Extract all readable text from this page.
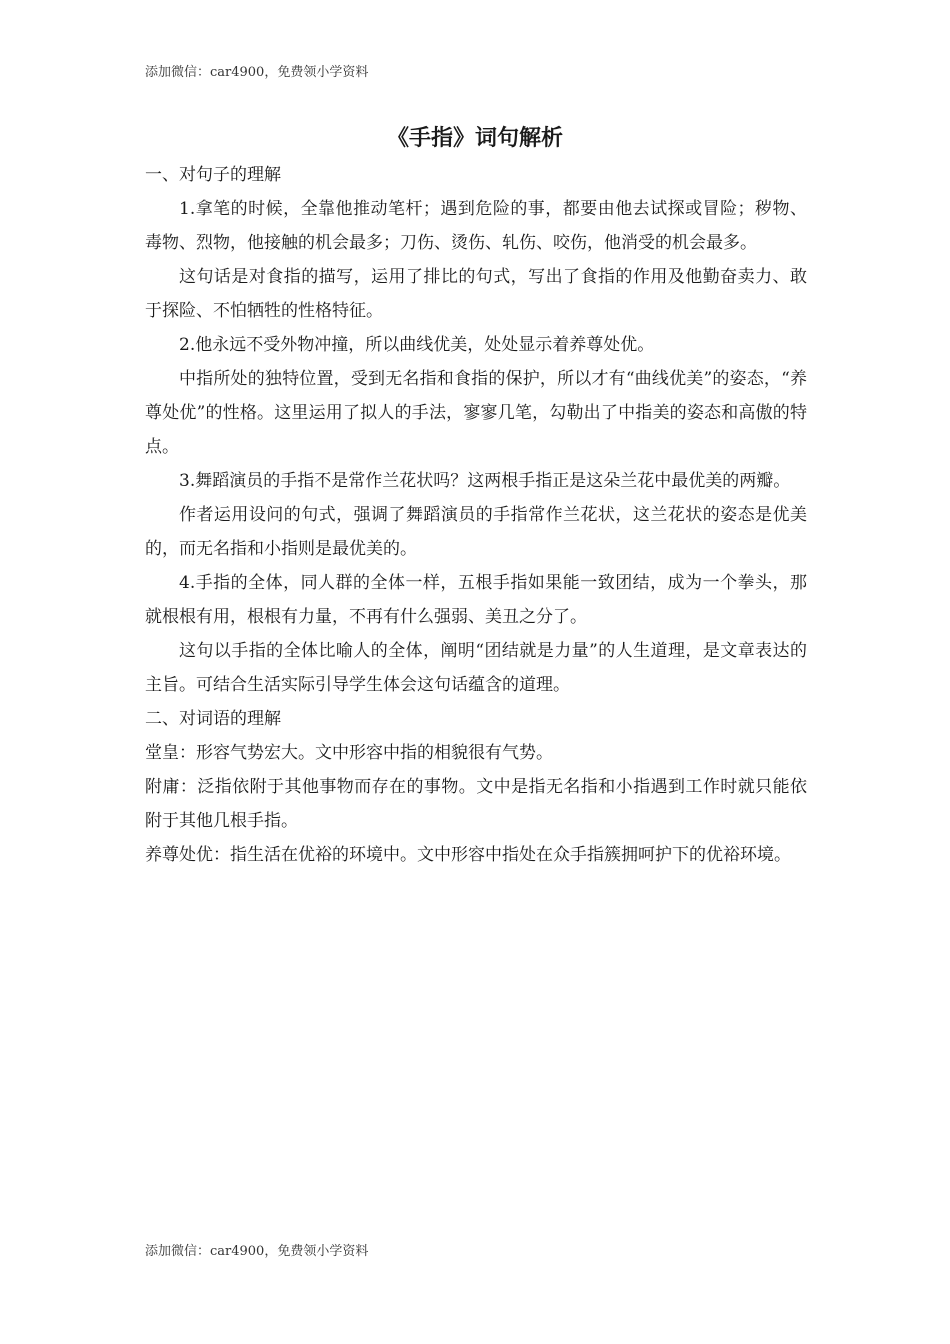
添加微信：car4900，免费领小学资料
《手指》词句解析

一、对句子的理解

1.拿笔的时候，全靠他推动笔杆；遇到危险的事，都要由他去试探或冒险；秽物、毒物、烈物，他接触的机会最多；刀伤、烫伤、轧伤、咬伤，他消受的机会最多。

这句话是对食指的描写，运用了排比的句式，写出了食指的作用及他勤奋卖力、敢于探险、不怕牺牲的性格特征。

2.他永远不受外物冲撞，所以曲线优美，处处显示着养尊处优。

中指所处的独特位置，受到无名指和食指的保护，所以才有“曲线优美”的姿态，“养尊处优”的性格。这里运用了拟人的手法，寥寥几笔，勾勒出了中指美的姿态和高傲的特点。

3.舞蹈演员的手指不是常作兰花状吗？这两根手指正是这朵兰花中最优美的两瓣。

作者运用设问的句式，强调了舞蹈演员的手指常作兰花状，这兰花状的姿态是优美的，而无名指和小指则是最优美的。

4.手指的全体，同人群的全体一样，五根手指如果能一致团结，成为一个拳头，那就根根有用，根根有力量，不再有什么强弱、美丑之分了。

这句以手指的全体比喻人的全体，阐明“团结就是力量”的人生道理，是文章表达的主旨。可结合生活实际引导学生体会这句话蕴含的道理。

二、对词语的理解

堂皇：形容气势宏大。文中形容中指的相貌很有气势。

附庸：泛指依附于其他事物而存在的事物。文中是指无名指和小指遇到工作时就只能依附于其他几根手指。

养尊处优：指生活在优裕的环境中。文中形容中指处在众手指簇拥呵护下的优裕环境。

添加微信：car4900，免费领小学资料
